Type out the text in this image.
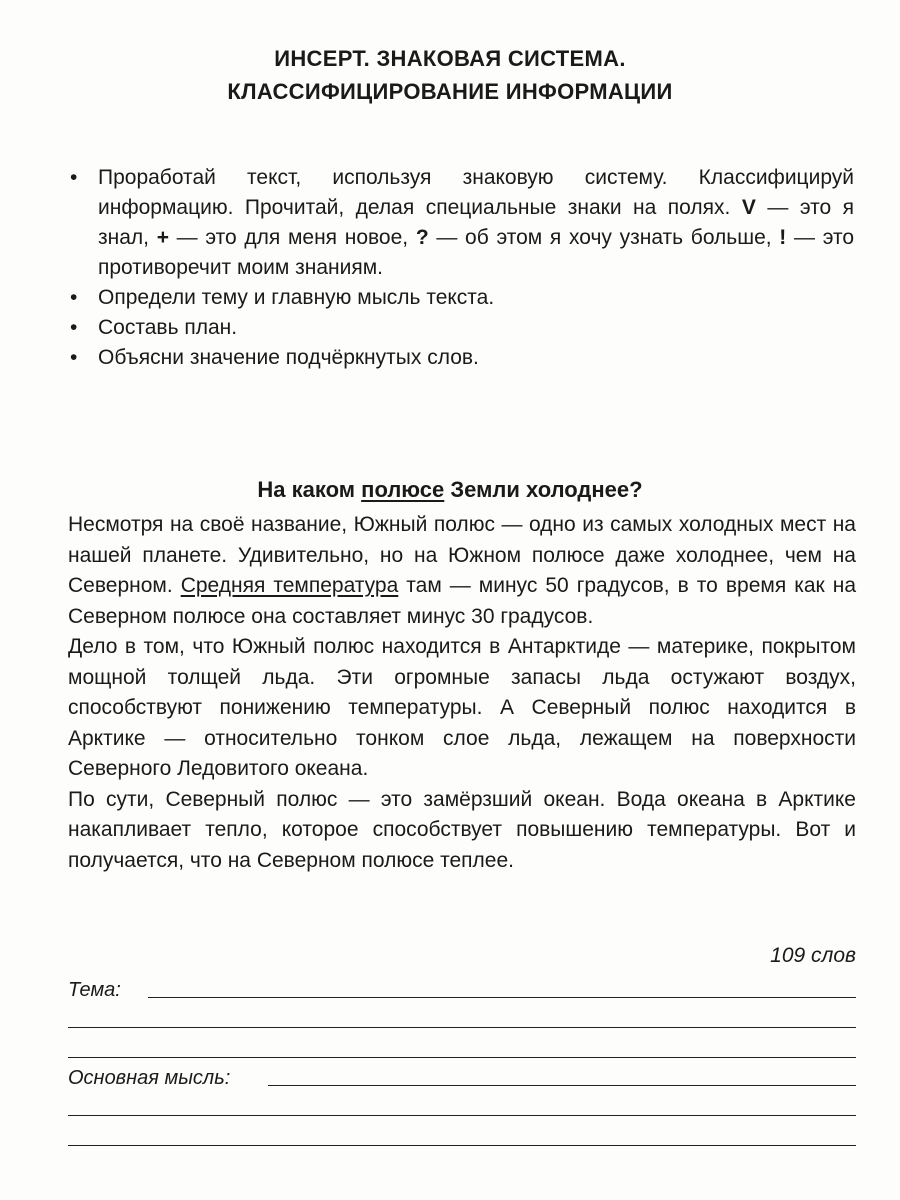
ИНСЕРТ. ЗНАКОВАЯ СИСТЕМА.
КЛАССИФИЦИРОВАНИЕ ИНФОРМАЦИИ
• Проработай текст, используя знаковую систему. Классифицируй информацию. Прочитай, делая специальные знаки на полях. V — это я знал, + — это для меня новое, ? — об этом я хочу узнать больше, ! — это противоречит моим знаниям.
• Определи тему и главную мысль текста.
• Составь план.
• Объясни значение подчёркнутых слов.
На каком полюсе Земли холоднее?

Несмотря на своё название, Южный полюс — одно из самых холодных мест на нашей планете. Удивительно, но на Южном полюсе даже холоднее, чем на Северном. Средняя температура там — минус 50 градусов, в то время как на Северном полюсе она составляет минус 30 градусов.

Дело в том, что Южный полюс находится в Антарктиде — материке, покрытом мощной толщей льда. Эти огромные запасы льда остужают воздух, способствуют понижению температуры. А Северный полюс находится в Арктике — относительно тонком слое льда, лежащем на поверхности Северного Ледовитого океана.

По сути, Северный полюс — это замёрзший океан. Вода океана в Арктике накапливает тепло, которое способствует повышению температуры. Вот и получается, что на Северном полюсе теплее.

109 слов
Тема:
Основная мысль:
